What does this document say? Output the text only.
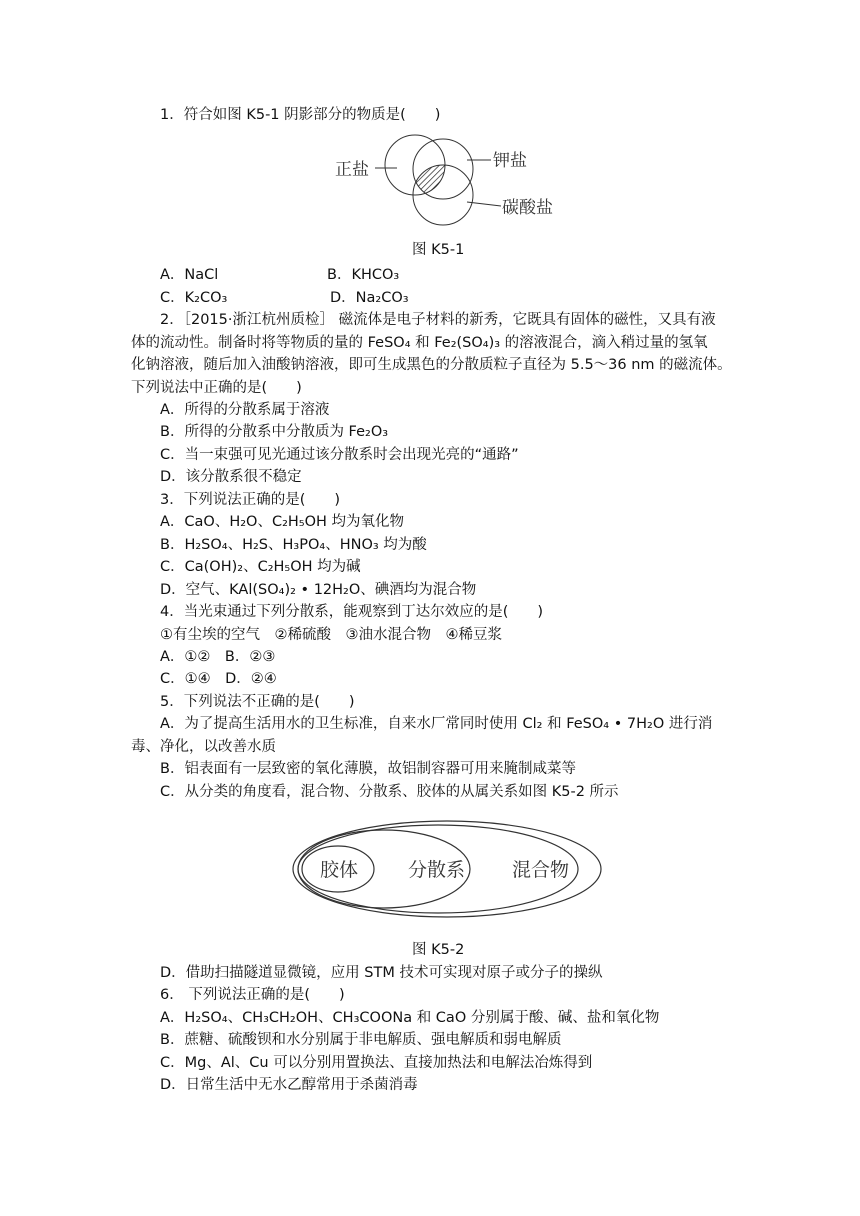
1．符合如图 K5-1 阴影部分的物质是(　　)
正盐	钾盐
碳酸盐
图 K5-1
A．NaCl	B．KHCO₃
C．K₂CO₃	D．Na₂CO₃
2．［2015·浙江杭州质检］ 磁流体是电子材料的新秀，它既具有固体的磁性，又具有液
体的流动性。制备时将等物质的量的 FeSO₄ 和 Fe₂(SO₄)₃ 的溶液混合，滴入稍过量的氢氧
化钠溶液，随后加入油酸钠溶液，即可生成黑色的分散质粒子直径为 5.5～36 nm 的磁流体。
下列说法中正确的是(　　)
A．所得的分散系属于溶液
B．所得的分散系中分散质为 Fe₂O₃
C．当一束强可见光通过该分散系时会出现光亮的“通路”
D．该分散系很不稳定
3．下列说法正确的是(　　)
A．CaO、H₂O、C₂H₅OH 均为氧化物
B．H₂SO₄、H₂S、H₃PO₄、HNO₃ 均为酸
C．Ca(OH)₂、C₂H₅OH 均为碱
D．空气、KAl(SO₄)₂ • 12H₂O、碘酒均为混合物
4．当光束通过下列分散系，能观察到丁达尔效应的是(　　)
①有尘埃的空气　②稀硫酸　③油水混合物　④稀豆浆
A．①②　B．②③
C．①④　D．②④
5．下列说法不正确的是(　　)
A．为了提高生活用水的卫生标准，自来水厂常同时使用 Cl₂ 和 FeSO₄ • 7H₂O 进行消
毒、净化，以改善水质
B．铝表面有一层致密的氧化薄膜，故铝制容器可用来腌制咸菜等
C．从分类的角度看，混合物、分散系、胶体的从属关系如图 K5-2 所示
胶体	分散系 混合物
图 K5-2
D．借助扫描隧道显微镜，应用 STM 技术可实现对原子或分子的操纵
6． 下列说法正确的是(　　)
A．H₂SO₄、CH₃CH₂OH、CH₃COONa 和 CaO 分别属于酸、碱、盐和氧化物
B．蔗糖、硫酸钡和水分别属于非电解质、强电解质和弱电解质
C．Mg、Al、Cu 可以分别用置换法、直接加热法和电解法冶炼得到
D．日常生活中无水乙醇常用于杀菌消毒
